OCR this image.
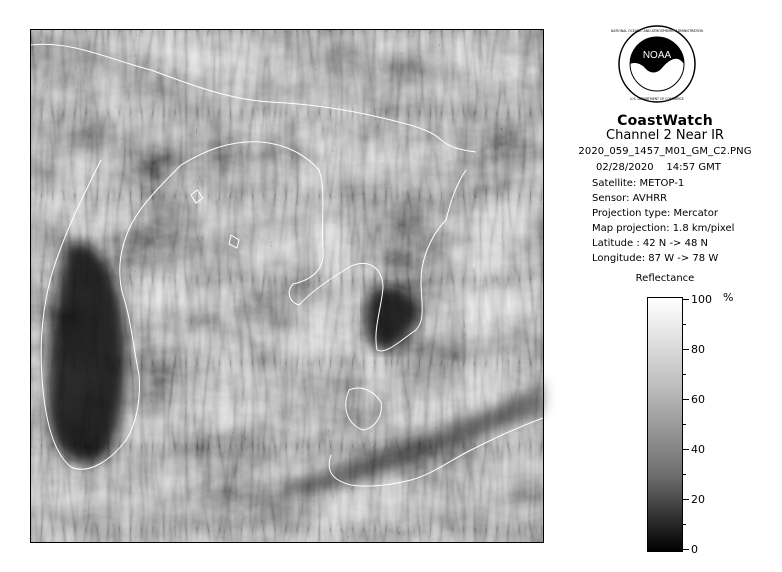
NOAA
NATIONAL OCEANIC AND ATMOSPHERIC ADMINISTRATION
U.S. DEPARTMENT OF COMMERCE
CoastWatch
Channel 2 Near IR
2020_059_1457_M01_GM_C2.PNG
02/28/2020 14:57 GMT
Satellite: METOP-1
Sensor: AVHRR
Projection type: Mercator
Map projection: 1.8 km/pixel
Latitude : 42 N -> 48 N
Longitude: 87 W -> 78 W
Reflectance
%
100
80
60
40
20
0
